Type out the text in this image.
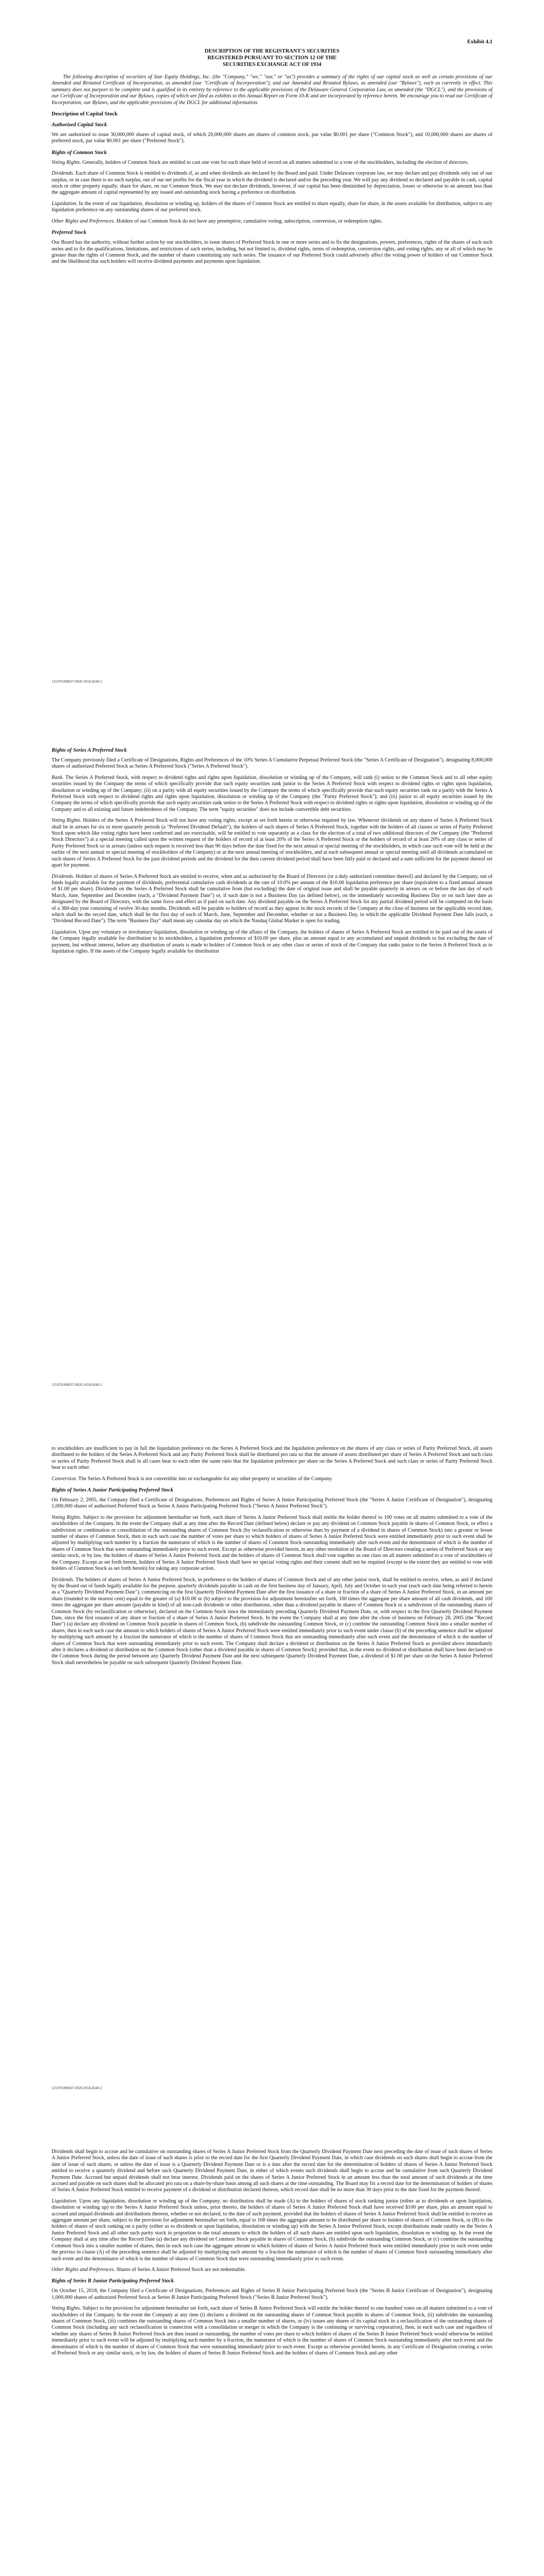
Exhibit 4.1
DESCRIPTION OF THE REGISTRANT'S SECURITIES
REGISTERED PURSUANT TO SECTION 12 OF THE
SECURITIES EXCHANGE ACT OF 1934

The following description of securities of Star Equity Holdings, Inc. (the "Company," "we," "our," or "us") provides a summary of the rights of our capital stock as well as certain provisions of our Amended and Restated Certificate of Incorporation, as amended (our "Certificate of Incorporation"), and our Amended and Restated Bylaws, as amended (our "Bylaws"), each as currently in effect. This summary does not purport to be complete and is qualified in its entirety by reference to the applicable provisions of the Delaware General Corporation Law, as amended (the "DGCL"), and the provisions of our Certificate of Incorporation and our Bylaws, copies of which are filed as exhibits to this Annual Report on Form 10-K and are incorporated by reference herein. We encourage you to read our Certificate of Incorporation, our Bylaws, and the applicable provisions of the DGCL for additional information.

Description of Capital Stock
Authorized Capital Stock

We are authorized to issue 30,000,000 shares of capital stock, of which 20,000,000 shares are shares of common stock, par value $0.001 per share ("Common Stock"), and 10,000,000 shares are shares of preferred stock, par value $0.001 per share ("Preferred Stock").

Rights of Common Stock

Voting Rights. Generally, holders of Common Stock are entitled to cast one vote for each share held of record on all matters submitted to a vote of the stockholders, including the election of directors.

Dividends. Each share of Common Stock is entitled to dividends if, as and when dividends are declared by the Board and paid. Under Delaware corporate law, we may declare and pay dividends only out of our surplus, or in case there is no such surplus, out of our net profits for the fiscal year in which the dividend is declared and/or the preceding year. We will pay any dividend so declared and payable in cash, capital stock or other property equally, share for share, on our Common Stock. We may not declare dividends, however, if our capital has been diminished by depreciation, losses or otherwise to an amount less than the aggregate amount of capital represented by any issued and outstanding stock having a preference on distribution.

Liquidation. In the event of our liquidation, dissolution or winding up, holders of the shares of Common Stock are entitled to share equally, share for share, in the assets available for distribution, subject to any liquidation preference on any outstanding shares of our preferred stock.

Other Rights and Preferences. Holders of our Common Stock do not have any preemptive, cumulative voting, subscription, conversion, or redemption rights.

Preferred Stock

Our Board has the authority, without further action by our stockholders, to issue shares of Preferred Stock in one or more series and to fix the designations, powers, preferences, rights of the shares of each such series and to fix the qualifications, limitations, and restrictions of such series, including, but not limited to, dividend rights, terms of redemption, conversion rights, and voting rights, any or all of which may be greater than the rights of Common Stock, and the number of shares constituting any such series. The issuance of our Preferred Stock could adversely affect the voting power of holders of our Common Stock and the likelihood that such holders will receive dividend payments and payments upon liquidation.

125978.000037/4920-3658-8240.2
Rights of Series A Preferred Stock

The Company previously filed a Certificate of Designations, Rights and Preferences of the 10% Series A Cumulative Perpetual Preferred Stock (the "Series A Certificate of Designation"), designating 8,000,000 shares of authorized Preferred Stock as Series A Preferred Stock ("Series A Preferred Stock").

Rank. The Series A Preferred Stock, with respect to dividend rights and rights upon liquidation, dissolution or winding up of the Company, will rank (i) senior to the Common Stock and to all other equity securities issued by the Company the terms of which specifically provide that such equity securities rank junior to the Series A Preferred Stock with respect to dividend rights or rights upon liquidation, dissolution or winding up of the Company; (ii) on a parity with all equity securities issued by the Company the terms of which specifically provide that such equity securities rank on a parity with the Series A Preferred Stock with respect to dividend rights and rights upon liquidation, dissolution or winding up of the Company (the "Parity Preferred Stock"); and (iii) junior to all equity securities issued by the Company the terms of which specifically provide that such equity securities rank senior to the Series A Preferred Stock with respect to dividend rights or rights upon liquidation, dissolution or winding up of the Company and to all existing and future indebtedness of the Company. The term "equity securities" does not include convertible debt securities.

Voting Rights. Holders of the Series A Preferred Stock will not have any voting rights, except as set forth herein or otherwise required by law. Whenever dividends on any shares of Series A Preferred Stock shall be in arrears for six or more quarterly periods (a "Preferred Dividend Default"), the holders of such shares of Series A Preferred Stock, together with the holders of all classes or series of Parity Preferred Stock upon which like voting rights have been conferred and are exercisable, will be entitled to vote separately as a class for the election of a total of two additional directors of the Company (the "Preferred Stock Directors") at a special meeting called upon the written request of the holders of record of at least 20% of the Series A Preferred Stock or the holders of record of at least 20% of any class or series of Parity Preferred Stock so in arrears (unless such request is received less than 90 days before the date fixed for the next annual or special meeting of the stockholders, in which case such vote will be held at the earlier of the next annual or special meeting of stockholders of the Company) or at the next annual meeting of stockholders, and at each subsequent annual or special meeting until all dividends accumulated on such shares of Series A Preferred Stock for the past dividend periods and the dividend for the then current dividend period shall have been fully paid or declared and a sum sufficient for the payment thereof set apart for payment.

Dividends. Holders of shares of Series A Preferred Stock are entitled to receive, when and as authorized by the Board of Directors (or a duly authorized committee thereof) and declared by the Company, out of funds legally available for the payment of dividends, preferential cumulative cash dividends at the rate of 10.0% per annum of the $10.00 liquidation preference per share (equivalent to a fixed annual amount of $1.00 per share). Dividends on the Series A Preferred Stock shall be cumulative from (but excluding) the date of original issue and shall be payable quarterly in arrears on or before the last day of each March, June, September and December (each, a "Dividend Payment Date") or, if such date is not a Business Day (as defined below), on the immediately succeeding Business Day or on such later date as designated by the Board of Directors, with the same force and effect as if paid on such date. Any dividend payable on the Series A Preferred Stock for any partial dividend period will be computed on the basis of a 360-day year consisting of twelve 30-day months. Dividends will be payable to holders of record as they appear in the stock records of the Company at the close of business on the applicable record date, which shall be the record date, which shall be the first day of each of March, June, September and December, whether or not a Business Day, in which the applicable Dividend Payment Date falls (each, a "Dividend Record Date"). The term "Business Day" shall mean any calendar day on which the Nasdaq Global Market is open for trading.

Liquidation. Upon any voluntary or involuntary liquidation, dissolution or winding up of the affairs of the Company, the holders of shares of Series A Preferred Stock are entitled to be paid out of the assets of the Company legally available for distribution to its stockholders, a liquidation preference of $10.00 per share, plus an amount equal to any accumulated and unpaid dividends to but excluding the date of payment, but without interest, before any distribution of assets is made to holders of Common Stock or any other class or series of stock of the Company that ranks junior to the Series A Preferred Stock as to liquidation rights. If the assets of the Company legally available for distribution

125978.000037/4920-3658-8240.2

to stockholders are insufficient to pay in full the liquidation preference on the Series A Preferred Stock and the liquidation preference on the shares of any class or series of Parity Preferred Stock, all assets distributed to the holders of the Series A Preferred Stock and any Parity Preferred Stock shall be distributed pro rata so that the amount of assets distributed per share of Series A Preferred Stock and such class or series of Parity Preferred Stock shall in all cases bear to each other the same ratio that the liquidation preference per share on the Series A Preferred Stock and such class or series of Parity Preferred Stock bear to each other.

Conversion. The Series A Preferred Stock is not convertible into or exchangeable for any other property or securities of the Company.

Rights of Series A Junior Participating Preferred Stock

On February 2, 2005, the Company filed a Certificate of Designations, Preferences and Rights of Series A Junior Participating Preferred Stock (the "Series A Junior Certificate of Designation"), designating 1,000,000 shares of authorized Preferred Stock as Series A Junior Participating Preferred Stock ("Series A Junior Preferred Stock").

Voting Rights. Subject to the provision for adjustment hereinafter set forth, each share of Series A Junior Preferred Stock shall entitle the holder thereof to 100 votes on all matters submitted to a vote of the stockholders of the Company. In the event the Company shall at any time after the Record Date (defined below) declare or pay any dividend on Common Stock payable in shares of Common Stock, or effect a subdivision or combination or consolidation of the outstanding shares of Common Stock (by reclassification or otherwise than by payment of a dividend in shares of Common Stock) into a greater or lesser number of shares of Common Stock, then in each such case the number of votes per share to which holders of shares of Series A Junior Preferred Stock were entitled immediately prior to such event shall be adjusted by multiplying such number by a fraction the numerator of which is the number of shares of Common Stock outstanding immediately after such event and the denominator of which is the number of shares of Common Stock that were outstanding immediately prior to such event. Except as otherwise provided herein, in any other resolution of the Board of Directors creating a series of Preferred Stock or any similar stock, or by law, the holders of shares of Series A Junior Preferred Stock and the holders of shares of Common Stock shall vote together as one class on all matters submitted to a vote of stockholders of the Company. Except as set forth herein, holders of Series A Junior Preferred Stock shall have no special voting rights and their consent shall not be required (except to the extent they are entitled to vote with holders of Common Stock as set forth herein) for taking any corporate action.

Dividends. The holders of shares of Series A Junior Preferred Stock, in preference to the holders of shares of Common Stock and of any other junior stock, shall be entitled to receive, when, as and if declared by the Board out of funds legally available for the purpose, quarterly dividends payable in cash on the first business day of January, April, July and October in each year (each such date being referred to herein as a "Quarterly Dividend Payment Date"), commencing on the first Quarterly Dividend Payment Date after the first issuance of a share or fraction of a share of Series A Junior Preferred Stock, in an amount per share (rounded to the nearest cent) equal to the greater of (a) $10.00 or (b) subject to the provision for adjustment hereinafter set forth, 100 times the aggregate per share amount of all cash dividends, and 100 times the aggregate per share amount (payable in kind) of all non-cash dividends or other distributions, other than a dividend payable in shares of Common Stock or a subdivision of the outstanding shares of Common Stock (by reclassification or otherwise), declared on the Common Stock since the immediately preceding Quarterly Dividend Payment Date, or, with respect to the first Quarterly Dividend Payment Date, since the first issuance of any share or fraction of a share of Series A Junior Preferred Stock. In the event the Company shall at any time after the close of business on February 28, 2005 (the "Record Date") (a) declare any dividend on Common Stock payable in shares of Common Stock, (b) subdivide the outstanding Common Stock, or (c) combine the outstanding Common Stock into a smaller number of shares, then in each such case the amount to which holders of shares of Series A Junior Preferred Stock were entitled immediately prior to such event under clause (b) of the preceding sentence shall be adjusted by multiplying such amount by a fraction the numerator of which is the number of shares of Common Stock that are outstanding immediately after such event and the denominator of which is the number of shares of Common Stock that were outstanding immediately prior to such event. The Company shall declare a dividend or distribution on the Series A Junior Preferred Stock as provided above immediately after it declares a dividend or distribution on the Common Stock (other than a dividend payable in shares of Common Stock); provided that, in the event no dividend or distribution shall have been declared on the Common Stock during the period between any Quarterly Dividend Payment Date and the next subsequent Quarterly Dividend Payment Date, a dividend of $1.00 per share on the Series A Junior Preferred Stock shall nevertheless be payable on such subsequent Quarterly Dividend Payment Date.

125978.000037/4920-3658-8240.2

Dividends shall begin to accrue and be cumulative on outstanding shares of Series A Junior Preferred Stock from the Quarterly Dividend Payment Date next preceding the date of issue of such shares of Series A Junior Preferred Stock, unless the date of issue of such shares is prior to the record date for the first Quarterly Dividend Payment Date, in which case dividends on such shares shall begin to accrue from the date of issue of such shares, or unless the date of issue is a Quarterly Dividend Payment Date or is a date after the record date for the determination of holders of shares of Series A Junior Preferred Stock entitled to receive a quarterly dividend and before such Quarterly Dividend Payment Date, in either of which events such dividends shall begin to accrue and be cumulative from such Quarterly Dividend Payment Date. Accrued but unpaid dividends shall not bear interest. Dividends paid on the shares of Series A Junior Preferred Stock in an amount less than the total amount of such dividends at the time accrued and payable on such shares shall be allocated pro rata on a share-by-share basis among all such shares at the time outstanding. The Board may fix a record date for the determination of holders of shares of Series A Junior Preferred Stock entitled to receive payment of a dividend or distribution declared thereon, which record date shall be no more than 30 days prior to the date fixed for the payment thereof.

Liquidation. Upon any liquidation, dissolution or winding up of the Company, no distribution shall be made (A) to the holders of shares of stock ranking junior (either as to dividends or upon liquidation, dissolution or winding up) to the Series A Junior Preferred Stock unless, prior thereto, the holders of shares of Series A Junior Preferred Stock shall have received $100 per share, plus an amount equal to accrued and unpaid dividends and distributions thereon, whether or not declared, to the date of such payment, provided that the holders of shares of Series A Junior Preferred Stock shall be entitled to receive an aggregate amount per share, subject to the provision for adjustment hereinafter set forth, equal to 100 times the aggregate amount to be distributed per share to holders of shares of Common Stock, or (B) to the holders of shares of stock ranking on a parity (either as to dividends or upon liquidation, dissolution or winding up) with the Series A Junior Preferred Stock, except distributions made ratably on the Series A Junior Preferred Stock and all other such parity stock in proportion to the total amounts to which the holders of all such shares are entitled upon such liquidation, dissolution or winding up. In the event the Company shall at any time after the Record Date (a) declare any dividend on Common Stock payable in shares of Common Stock, (b) subdivide the outstanding Common Stock, or (c) combine the outstanding Common Stock into a smaller number of shares, then in each such case the aggregate amount to which holders of shares of Series A Junior Preferred Stock were entitled immediately prior to such event under the proviso in clause (A) of the preceding sentence shall be adjusted by multiplying such amount by a fraction the numerator of which is the number of shares of Common Stock outstanding immediately after such event and the denominator of which is the number of shares of Common Stock that were outstanding immediately prior to such event.

Other Rights and Preferences. Shares of Series A Junior Preferred Stock are not redeemable.

Rights of Series B Junior Participating Preferred Stock

On October 15, 2018, the Company filed a Certificate of Designations, Preferences and Rights of Series B Junior Participating Preferred Stock (the "Series B Junior Certificate of Designation"), designating 1,000,000 shares of authorized Preferred Stock as Series B Junior Participating Preferred Stock ("Series B Junior Preferred Stock").

Voting Rights. Subject to the provision for adjustment hereinafter set forth, each share of Series B Junior Preferred Stock will entitle the holder thereof to one hundred votes on all matters submitted to a vote of stockholders of the Company. In the event the Company at any time (i) declares a dividend on the outstanding shares of Common Stock payable in shares of Common Stock, (ii) subdivides the outstanding shares of Common Stock, (iii) combines the outstanding shares of Common Stock into a smaller number of shares, or (iv) issues any shares of its capital stock in a reclassification of the outstanding shares of Common Stock (including any such reclassification in connection with a consolidation or merger in which the Company is the continuing or surviving corporation), then, in each such case and regardless of whether any shares of Series B Junior Preferred Stock are then issued or outstanding, the number of votes per share to which holders of shares of the Series B Junior Preferred Stock would otherwise be entitled immediately prior to such event will be adjusted by multiplying such number by a fraction, the numerator of which is the number of shares of Common Stock outstanding immediately after such event and the denominator of which is the number of shares of Common Stock that were outstanding immediately prior to such event. Except as otherwise provided herein, in any Certificate of Designation creating a series of Preferred Stock or any similar stock, or by law, the holders of shares of Series B Junior Preferred Stock and the holders of shares of Common Stock and any other
